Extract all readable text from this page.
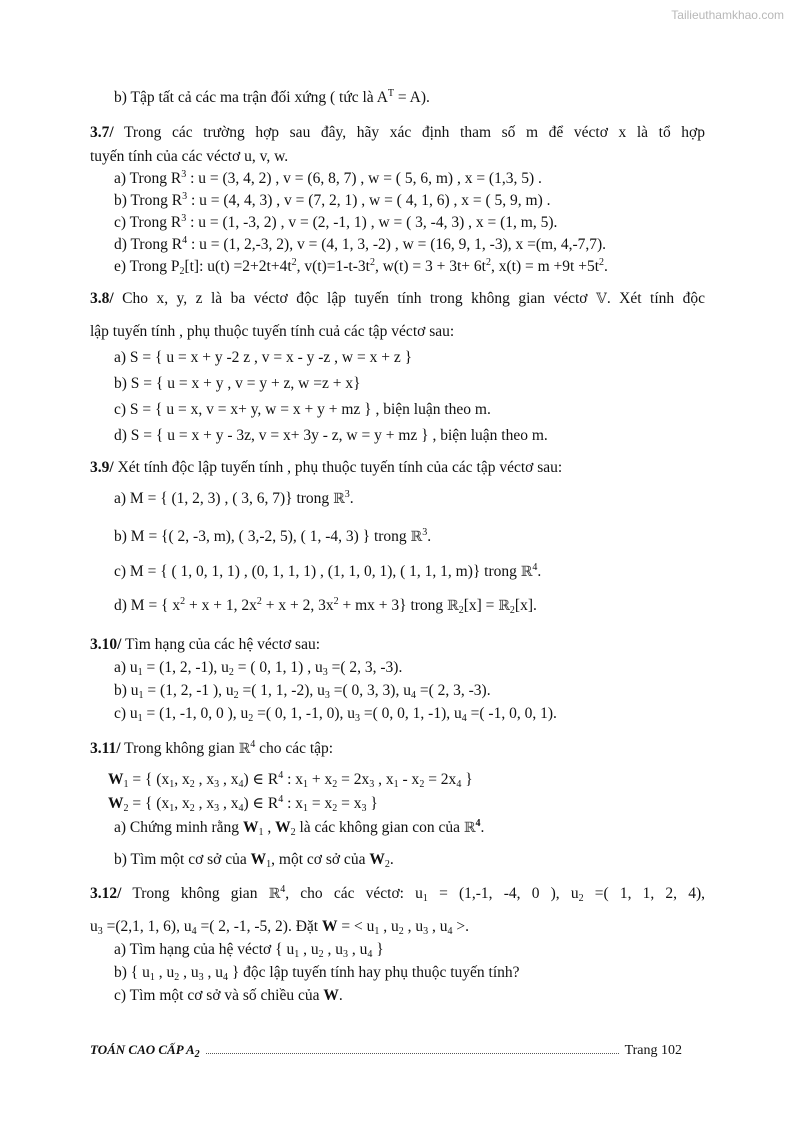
Tailieuthamkhao.com
b) Tập tất cả các ma trận đối xứng ( tức là $A^T = A$).
3.7/ Trong các trường hợp sau đây, hãy xác định tham số m để véctơ x là tổ hợp
tuyến tính của các véctơ u, v, w.
a) Trong $R^3$ : u = (3, 4, 2) , v = (6, 8, 7) , w = ( 5, 6, m) , x = (1,3, 5) .
b) Trong $R^3$ : u = (4, 4, 3) , v = (7, 2, 1) , w = ( 4, 1, 6) , x = ( 5, 9, m) .
c) Trong $R^3$ : u = (1, -3, 2) , v = (2, -1, 1) , w = ( 3, -4, 3) , x = (1, m, 5).
d) Trong $R^4$ : u = (1, 2,-3, 2), v = (4, 1, 3, -2) , w = (16, 9, 1, -3), x =(m, 4,-7,7).
e) Trong $P_2[t]$: $u(t) =2+2t+4t^2$, $v(t)=1-t-3t^2$, $w(t) = 3 + 3t+ 6t^2$, $x(t) = m +9t +5t^2$.
3.8/ Cho x, y, z là ba véctơ độc lập tuyến tính trong không gian véctơ 𝕍. Xét tính độc
lập tuyến tính , phụ thuộc tuyến tính cuả các tập véctơ sau:
a) S = { u = x + y -2 z , v = x - y -z , w = x + z }
b) S = { u = x + y , v = y + z, w =z + x}
c) S = { u = x, v = x+ y, w = x + y + mz } , biện luận theo m.
d) S = { u = x + y - 3z, v = x+ 3y - z, w = y + mz } , biện luận theo m.
3.9/ Xét tính độc lập tuyến tính , phụ thuộc tuyến tính của các tập véctơ sau:
a) M = { (1, 2, 3) , ( 3, 6, 7)} trong ℝ$^3$.
b) M = {( 2, -3, m), ( 3,-2, 5), ( 1, -4, 3) } trong ℝ$^3$.
c) M = { ( 1, 0, 1, 1) , (0, 1, 1, 1) , (1, 1, 0, 1), ( 1, 1, 1, m)} trong ℝ$^4$.
d) M = { $x^2 + x + 1$, $2x^2 + x + 2$, $3x^2$ + mx + 3} trong ℝ$_2$[x] = ℝ$_2$[x].
3.10/ Tìm hạng của các hệ véctơ sau:
a) $u_1 = (1$, 2, -1), $u_2$ = ( 0, 1, 1) , $u_3$ =( 2, 3, -3).
b) $u_1 = (1$, 2, -1 ), $u_2$ =( 1, 1, -2), $u_3$ =( 0, 3, 3), $u_4$ =( 2, 3, -3).
c) $u_1 = (1$, -1, 0, 0 ), $u_2$ =( 0, 1, -1, 0), $u_3$ =( 0, 0, 1, -1), $u_4$ =( -1, 0, 0, 1).
3.11/ Trong không gian ℝ$^4$ cho các tập:
$W_1$ = { ($x_1$, $x_2$ , $x_3$ , $x_4$) ∈ $R^4$ : $x_1 + x_2 = 2x_3$ , $x_1 - x_2 = 2x_4$ }
$W_2$ = { ($x_1$, $x_2$ , $x_3$ , $x_4$) ∈ $R^4$ : $x_1 = x_2 = x_3$ }
a) Chứng minh rằng $W_1$ , $W_2$ là các không gian con của ℝ$^4$.
b) Tìm một cơ sở của $W_1$, một cơ sở của $W_2$.
3.12/ Trong không gian ℝ$^4$, cho các véctơ: $u_1 = (1,-1$, -4, 0 ), $u_2$ =( 1, 1, 2, 4),
$u_3 =(2,1$, 1, 6), $u_4$ =( 2, -1, -5, 2). Đặt W = < $u_1$ , $u_2$ , $u_3$ , $u_4$ >.
a) Tìm hạng của hệ véctơ { $u_1$ , $u_2$ , $u_3$ , $u_4$ }
b) { $u_1$ , $u_2$ , $u_3$ , $u_4$ } độc lập tuyến tính hay phụ thuộc tuyến tính?
c) Tìm một cơ sở và số chiều của W.
TOÁN CAO CẤP $A_2$	Trang 102
